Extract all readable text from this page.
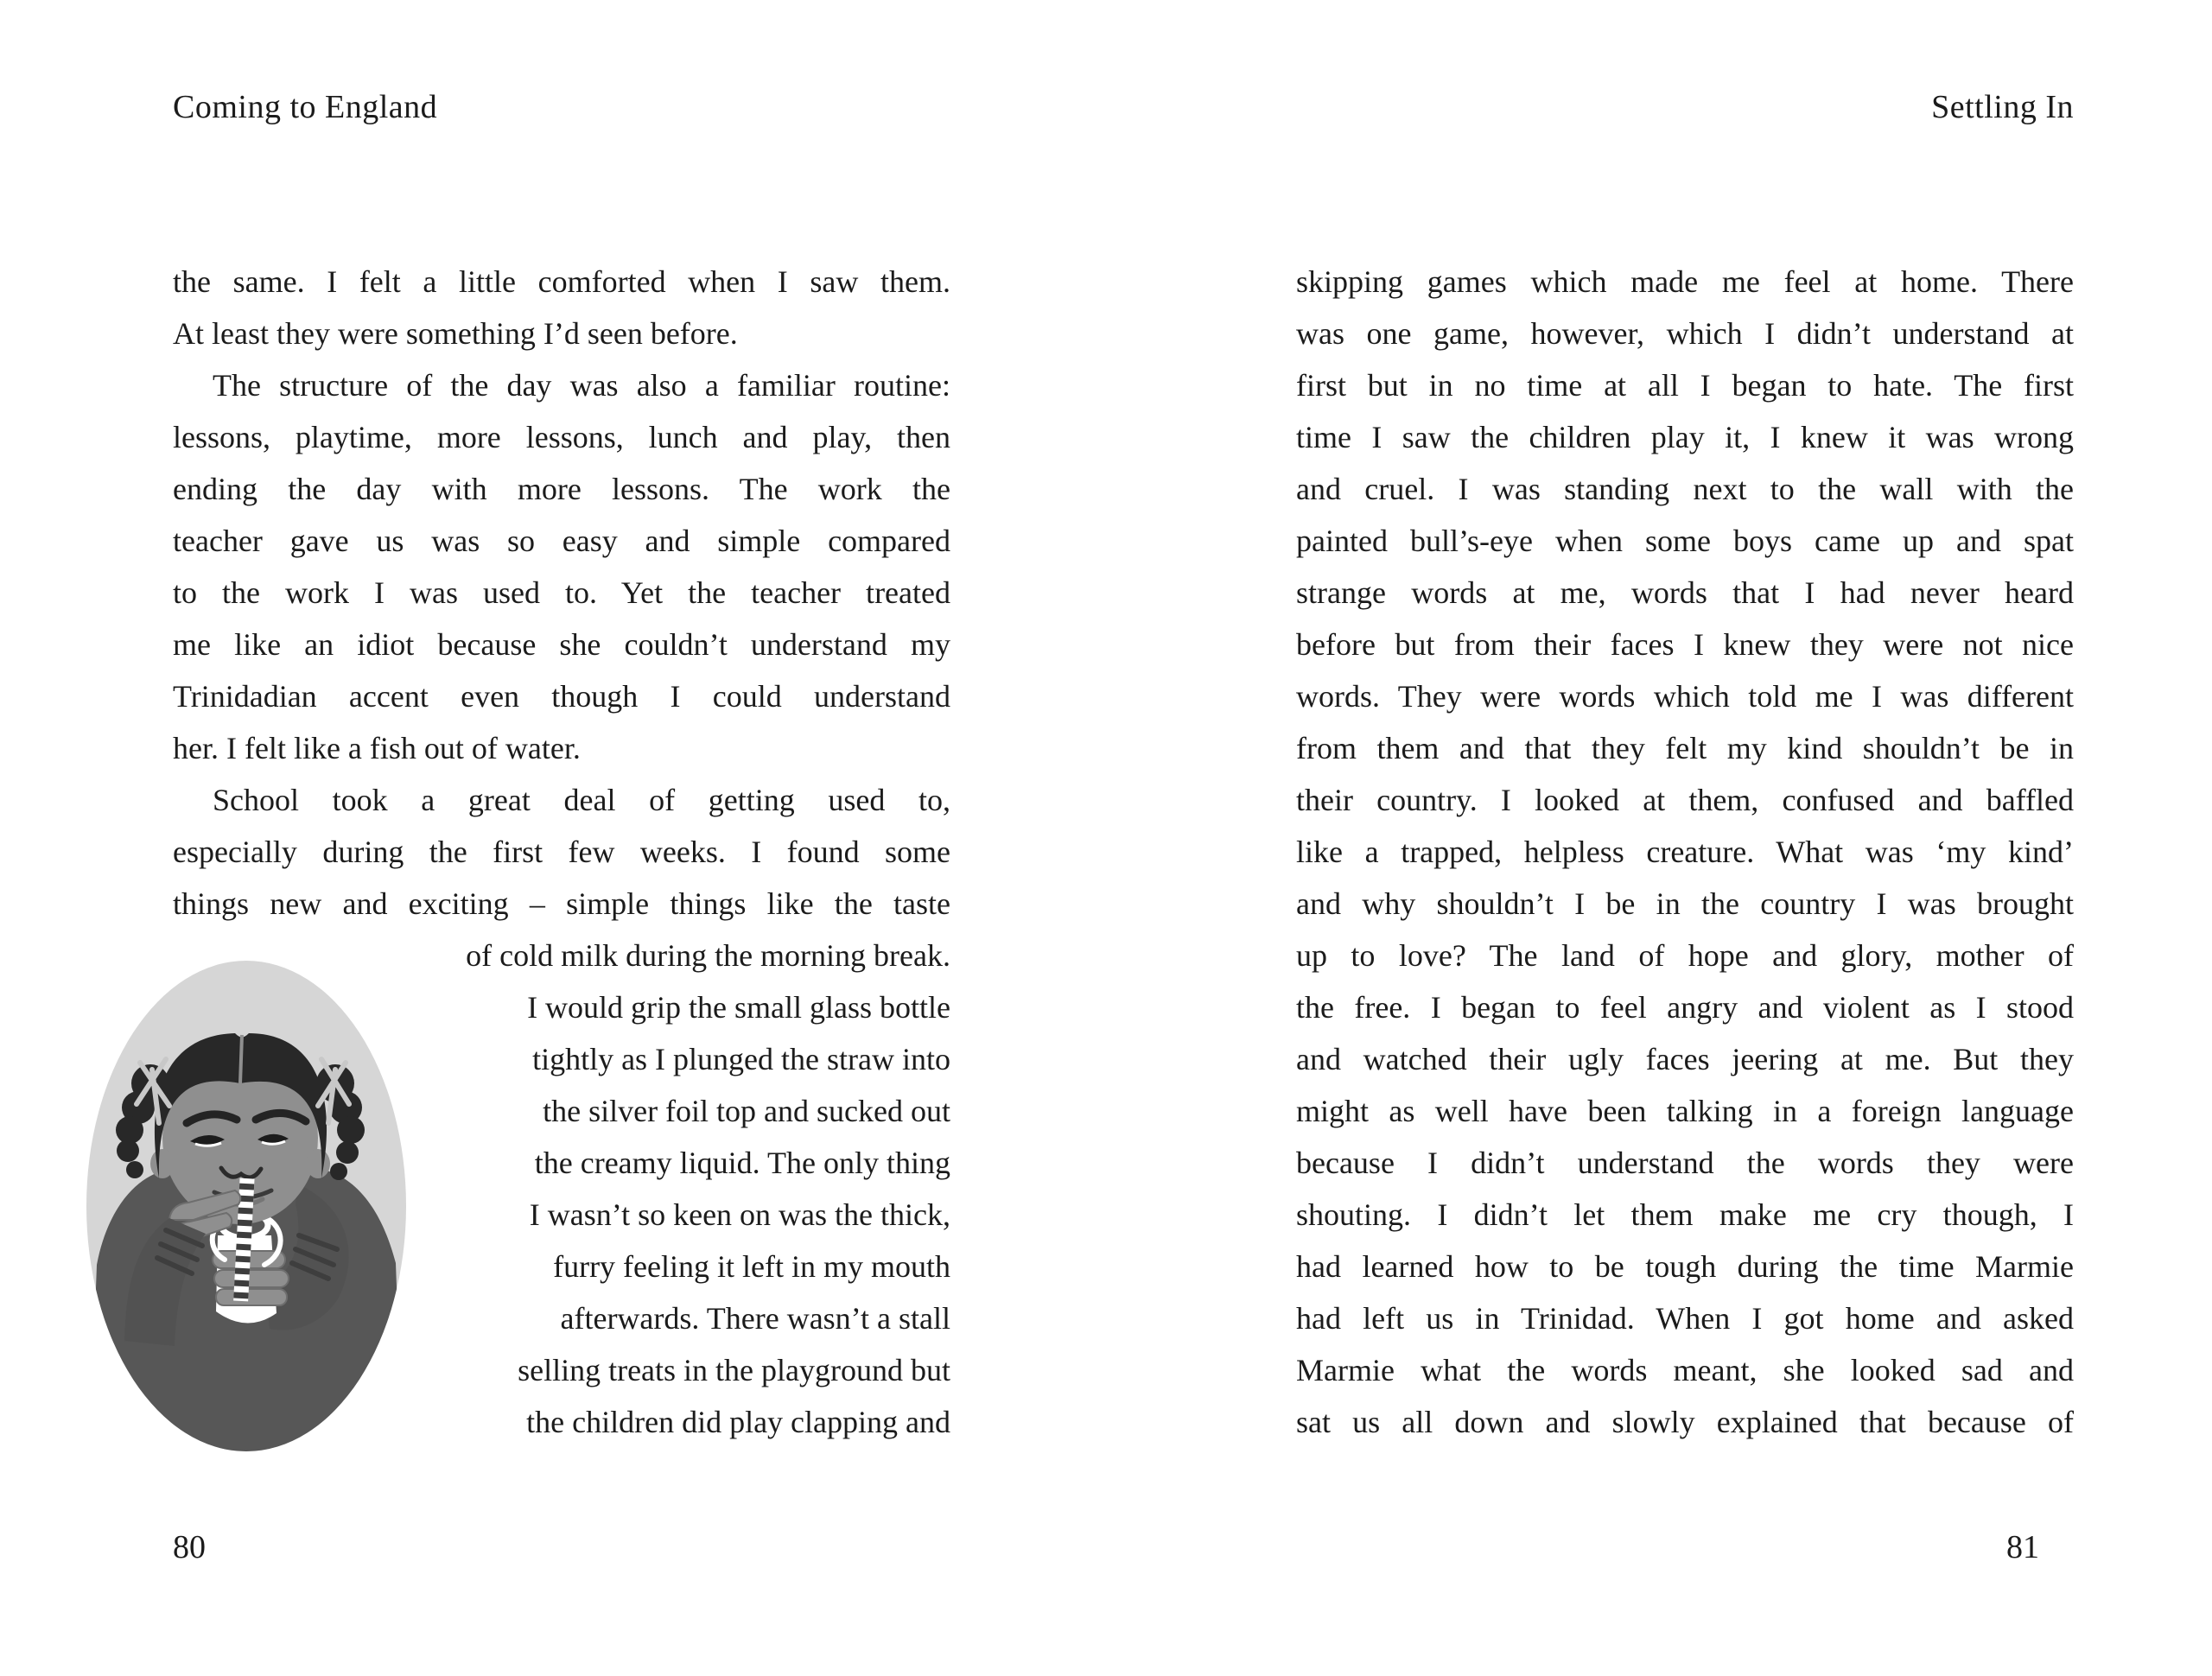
Coming to England
the same. I felt a little comforted when I saw them.
At least they were something I’d seen before.
The structure of the day was also a familiar routine:
lessons, playtime, more lessons, lunch and play, then
ending the day with more lessons. The work the
teacher gave us was so easy and simple compared
to the work I was used to. Yet the teacher treated
me like an idiot because she couldn’t understand my
Trinidadian accent even though I could understand
her. I felt like a fish out of water.
School took a great deal of getting used to,
especially during the first few weeks. I found some
things new and exciting – simple things like the taste
of cold milk during the morning break.
I would grip the small glass bottle
tightly as I plunged the straw into
the silver foil top and sucked out
the creamy liquid. The only thing
I wasn’t so keen on was the thick,
furry feeling it left in my mouth
afterwards. There wasn’t a stall
selling treats in the playground but
the children did play clapping and
80
Settling In
skipping games which made me feel at home. There
was one game, however, which I didn’t understand at
first but in no time at all I began to hate. The first
time I saw the children play it, I knew it was wrong
and cruel. I was standing next to the wall with the
painted bull’s-eye when some boys came up and spat
strange words at me, words that I had never heard
before but from their faces I knew they were not nice
words. They were words which told me I was different
from them and that they felt my kind shouldn’t be in
their country. I looked at them, confused and baffled
like a trapped, helpless creature. What was ‘my kind’
and why shouldn’t I be in the country I was brought
up to love? The land of hope and glory, mother of
the free. I began to feel angry and violent as I stood
and watched their ugly faces jeering at me. But they
might as well have been talking in a foreign language
because I didn’t understand the words they were
shouting. I didn’t let them make me cry though, I
had learned how to be tough during the time Marmie
had left us in Trinidad. When I got home and asked
Marmie what the words meant, she looked sad and
sat us all down and slowly explained that because of
81
